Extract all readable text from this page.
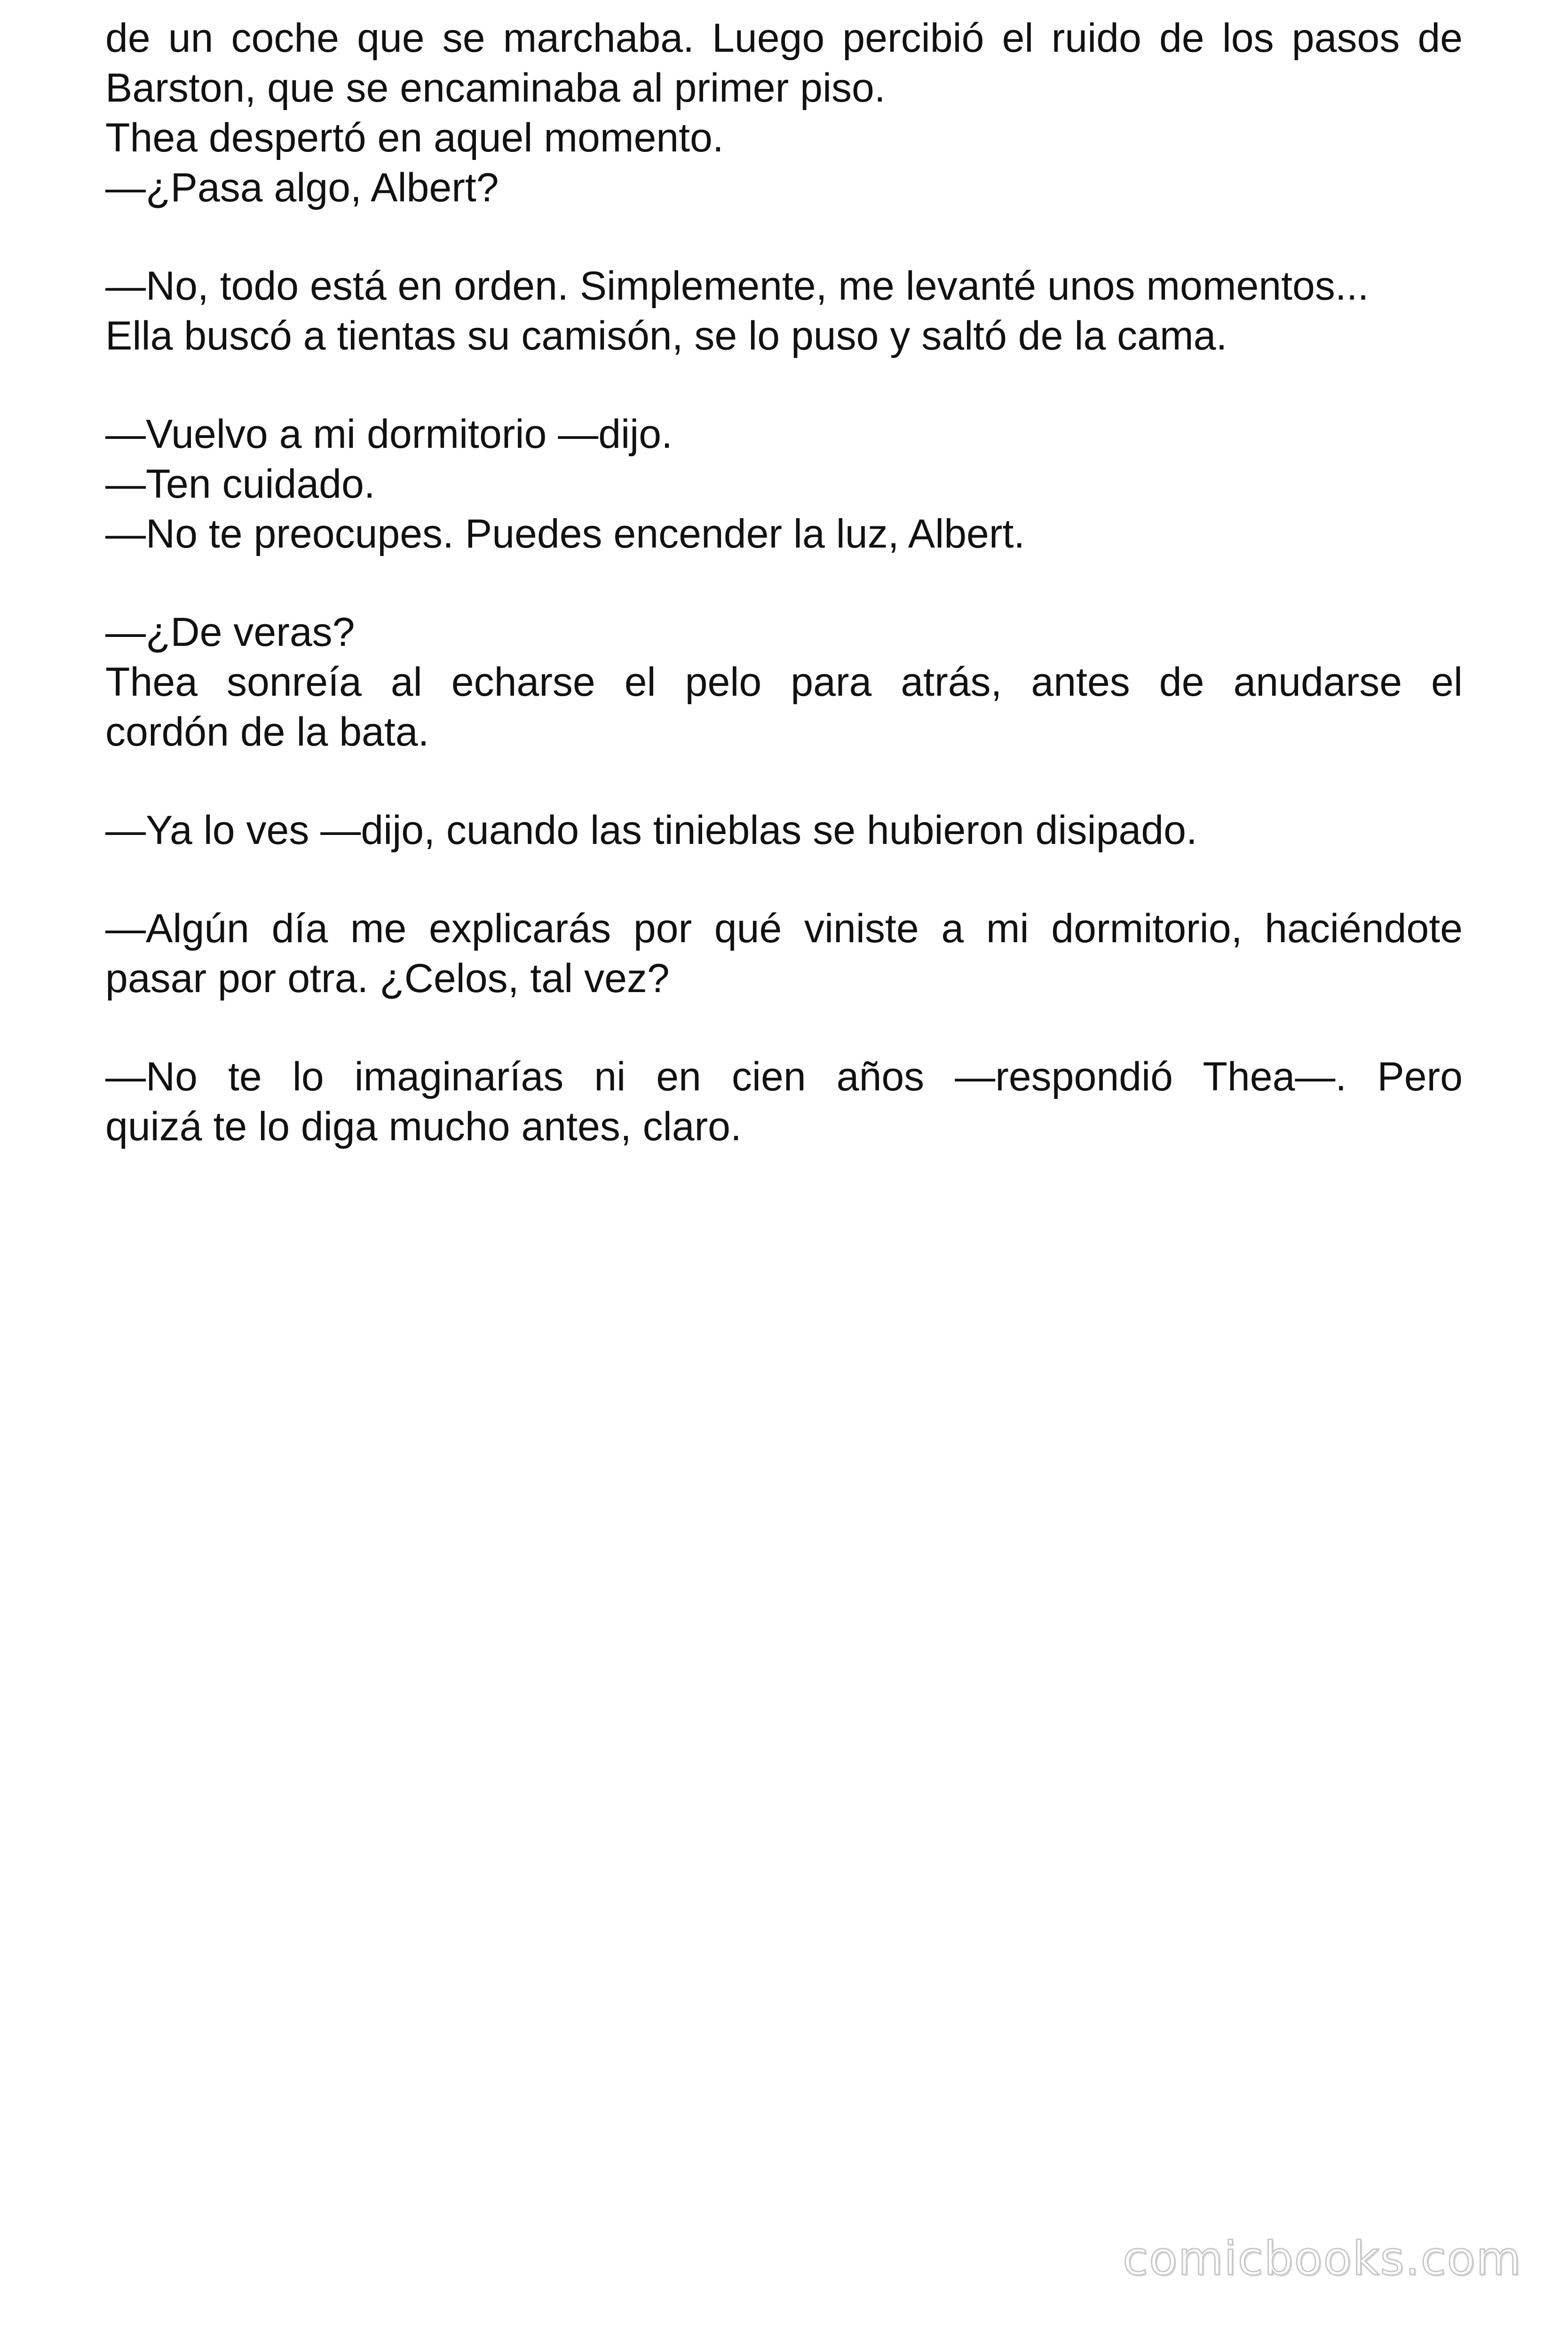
de un coche que se marchaba. Luego percibió el ruido de los pasos de
Barston, que se encaminaba al primer piso.
Thea despertó en aquel momento.
—¿Pasa algo, Albert?
—No, todo está en orden. Simplemente, me levanté unos momentos...
Ella buscó a tientas su camisón, se lo puso y saltó de la cama.
—Vuelvo a mi dormitorio —dijo.
—Ten cuidado.
—No te preocupes. Puedes encender la luz, Albert.
—¿De veras?
Thea sonreía al echarse el pelo para atrás, antes de anudarse el
cordón de la bata.
—Ya lo ves —dijo, cuando las tinieblas se hubieron disipado.
—Algún día me explicarás por qué viniste a mi dormitorio, haciéndote
pasar por otra. ¿Celos, tal vez?
—No te lo imaginarías ni en cien años —respondió Thea—. Pero
quizá te lo diga mucho antes, claro.
comicbooks.com
